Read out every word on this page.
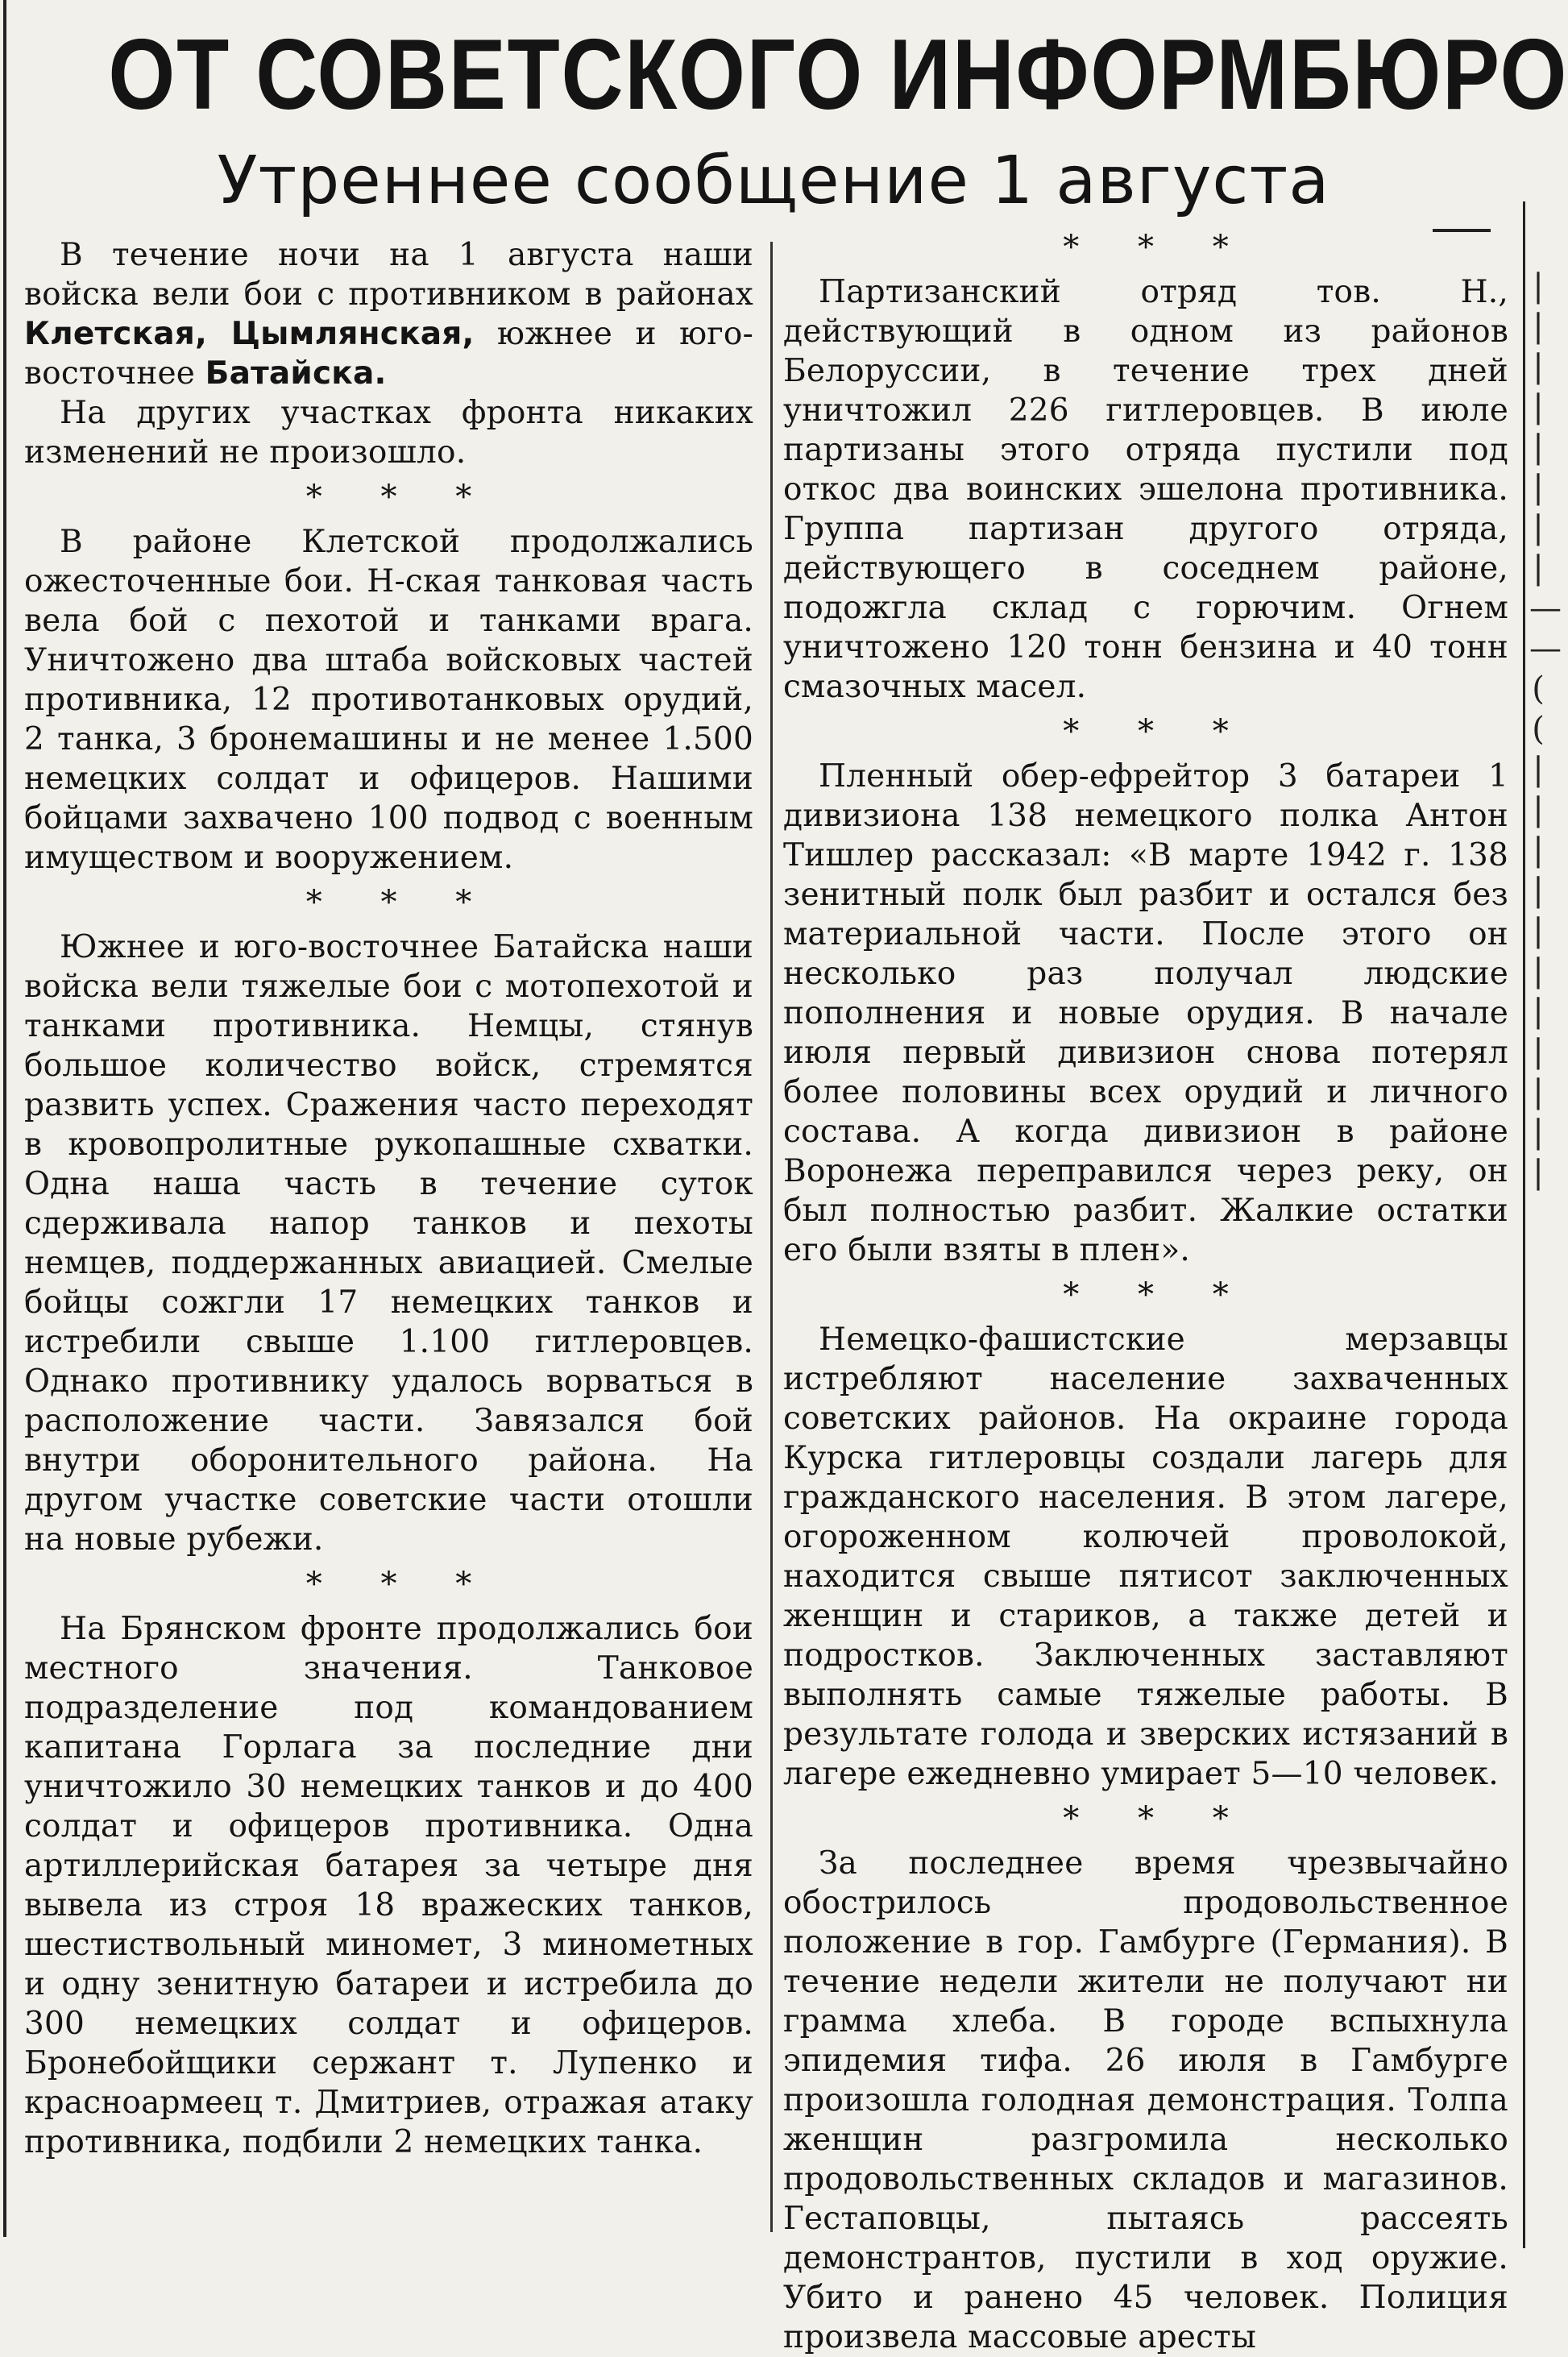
| | | | | | | | — — ( ( | | | | | | | | | | |
ОТ СОВЕТСКОГО ИНФОРМБЮРО
Утреннее сообщение 1 августа

В течение ночи на 1 августа наши войска вели бои с противником в районах Клетская, Цымлянская, южнее и юго-восточнее Батайска.

На других участках фронта никаких изменений не произошло.

* * *

В районе Клетской продолжались ожесточенные бои. Н-ская танковая часть вела бой с пехотой и танками врага. Уничтожено два штаба войсковых частей противника, 12 противотанковых орудий, 2 танка, 3 бронемашины и не менее 1.500 немецких солдат и офицеров. Нашими бойцами захвачено 100 подвод с военным имуществом и вооружением.

* * *

Южнее и юго-восточнее Батайска наши войска вели тяжелые бои с мотопехотой и танками противника. Немцы, стянув большое количество войск, стремятся развить успех. Сражения часто переходят в кровопролитные рукопашные схватки. Одна наша часть в течение суток сдерживала напор танков и пехоты немцев, поддержанных авиацией. Смелые бойцы сожгли 17 немецких танков и истребили свыше 1.100 гитлеровцев. Однако противнику удалось ворваться в расположение части. Завязался бой внутри оборонительного района. На другом участке советские части отошли на новые рубежи.

* * *

На Брянском фронте продолжались бои местного значения. Танковое подразделение под командованием капитана Горлага за последние дни уничтожило 30 немецких танков и до 400 солдат и офицеров противника. Одна артиллерийская батарея за четыре дня вывела из строя 18 вражеских танков, шестиствольный миномет, 3 минометных и одну зенитную батареи и истребила до 300 немецких солдат и офицеров. Бронебойщики сержант т. Лупенко и красноармеец т. Дмитриев, отражая атаку противника, подбили 2 немецких танка.

* * *

Партизанский отряд тов. Н., действующий в одном из районов Белоруссии, в течение трех дней уничтожил 226 гитлеровцев. В июле партизаны этого отряда пустили под откос два воинских эшелона противника. Группа партизан другого отряда, действующего в соседнем районе, подожгла склад с горючим. Огнем уничтожено 120 тонн бензина и 40 тонн смазочных масел.

* * *

Пленный обер-ефрейтор 3 батареи 1 дивизиона 138 немецкого полка Антон Тишлер рассказал: «В марте 1942 г. 138 зенитный полк был разбит и остался без материальной части. После этого он несколько раз получал людские пополнения и новые орудия. В начале июля первый дивизион снова потерял более половины всех орудий и личного состава. А когда дивизион в районе Воронежа переправился через реку, он был полностью разбит. Жалкие остатки его были взяты в плен».

* * *

Немецко-фашистские мерзавцы истребляют население захваченных советских районов. На окраине города Курска гитлеровцы создали лагерь для гражданского населения. В этом лагере, огороженном колючей проволокой, находится свыше пятисот заключенных женщин и стариков, а также детей и подростков. Заключенных заставляют выполнять самые тяжелые работы. В результате голода и зверских истязаний в лагере ежедневно умирает 5—10 человек.

* * *

За последнее время чрезвычайно обострилось продовольственное положение в гор. Гамбурге (Германия). В течение недели жители не получают ни грамма хлеба. В городе вспыхнула эпидемия тифа. 26 июля в Гамбурге произошла голодная демонстрация. Толпа женщин разгромила несколько продовольственных складов и магазинов. Гестаповцы, пытаясь рассеять демонстрантов, пустили в ход оружие. Убито и ранено 45 человек. Полиция произвела массовые аресты
